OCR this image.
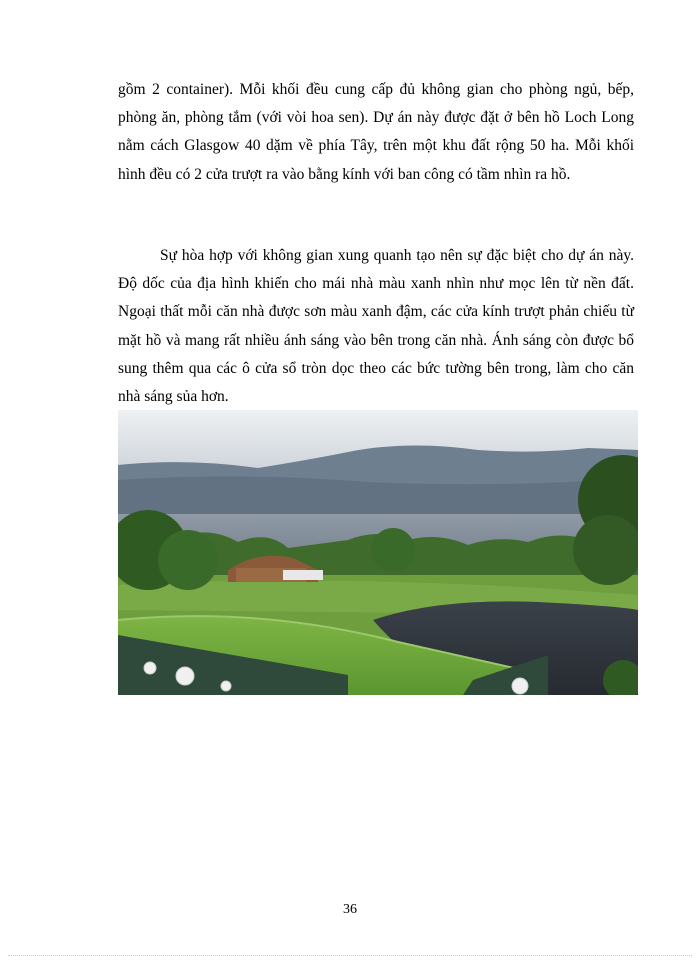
gồm 2 container). Mỗi khối đều cung cấp đủ không gian cho phòng ngủ, bếp, phòng ăn, phòng tắm (với vòi hoa sen). Dự án này được đặt ở bên hồ Loch Long nằm cách Glasgow 40 dặm về phía Tây, trên một khu đất rộng 50 ha. Mỗi khối hình đều có 2 cửa trượt ra vào bằng kính với ban công có tầm nhìn ra hồ.

Sự hòa hợp với không gian xung quanh tạo nên sự đặc biệt cho dự án này. Độ dốc của địa hình khiến cho mái nhà màu xanh nhìn như mọc lên từ nền đất. Ngoại thất mỗi căn nhà được sơn màu xanh đậm, các cửa kính trượt phản chiếu từ mặt hồ và mang rất nhiều ánh sáng vào bên trong căn nhà. Ánh sáng còn được bổ sung thêm qua các ô cửa sổ tròn dọc theo các bức tường bên trong, làm cho căn nhà sáng sủa hơn.

36
